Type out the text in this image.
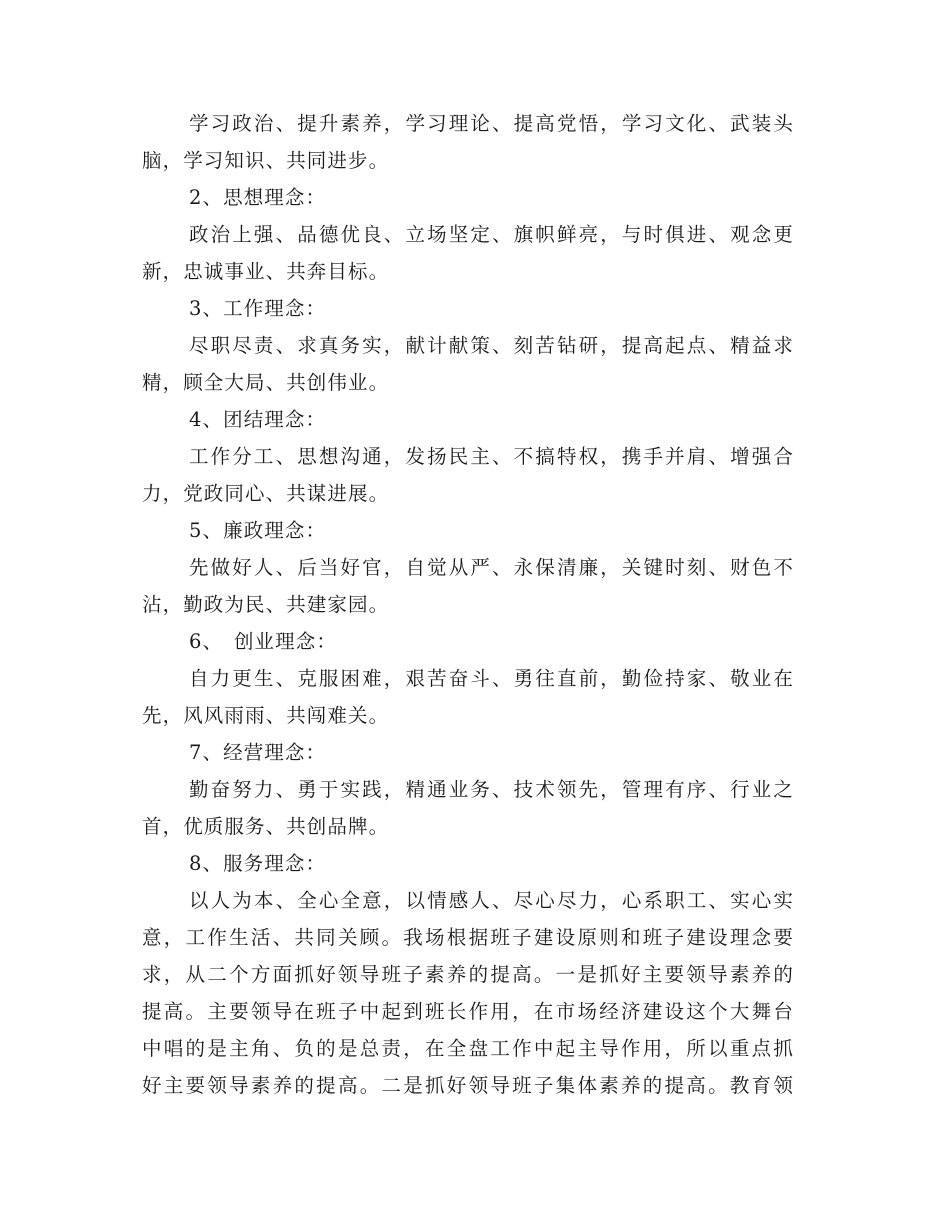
学习政治、提升素养，学习理论、提高党悟，学习文化、武装头
脑，学习知识、共同进步。
2、思想理念：
政治上强、品德优良、立场坚定、旗帜鲜亮，与时俱进、观念更
新，忠诚事业、共奔目标。
3、工作理念：
尽职尽责、求真务实，献计献策、刻苦钻研，提高起点、精益求
精，顾全大局、共创伟业。
4、团结理念：
工作分工、思想沟通，发扬民主、不搞特权，携手并肩、增强合
力，党政同心、共谋进展。
5、廉政理念：
先做好人、后当好官，自觉从严、永保清廉，关键时刻、财色不
沾，勤政为民、共建家园。
6、　创业理念：
自力更生、克服困难，艰苦奋斗、勇往直前，勤俭持家、敬业在
先，风风雨雨、共闯难关。
7、经营理念：
勤奋努力、勇于实践，精通业务、技术领先，管理有序、行业之
首，优质服务、共创品牌。
8、服务理念：
以人为本、全心全意，以情感人、尽心尽力，心系职工、实心实
意，工作生活、共同关顾。我场根据班子建设原则和班子建设理念要
求，从二个方面抓好领导班子素养的提高。一是抓好主要领导素养的
提高。主要领导在班子中起到班长作用，在市场经济建设这个大舞台
中唱的是主角、负的是总责，在全盘工作中起主导作用，所以重点抓
好主要领导素养的提高。二是抓好领导班子集体素养的提高。教育领
